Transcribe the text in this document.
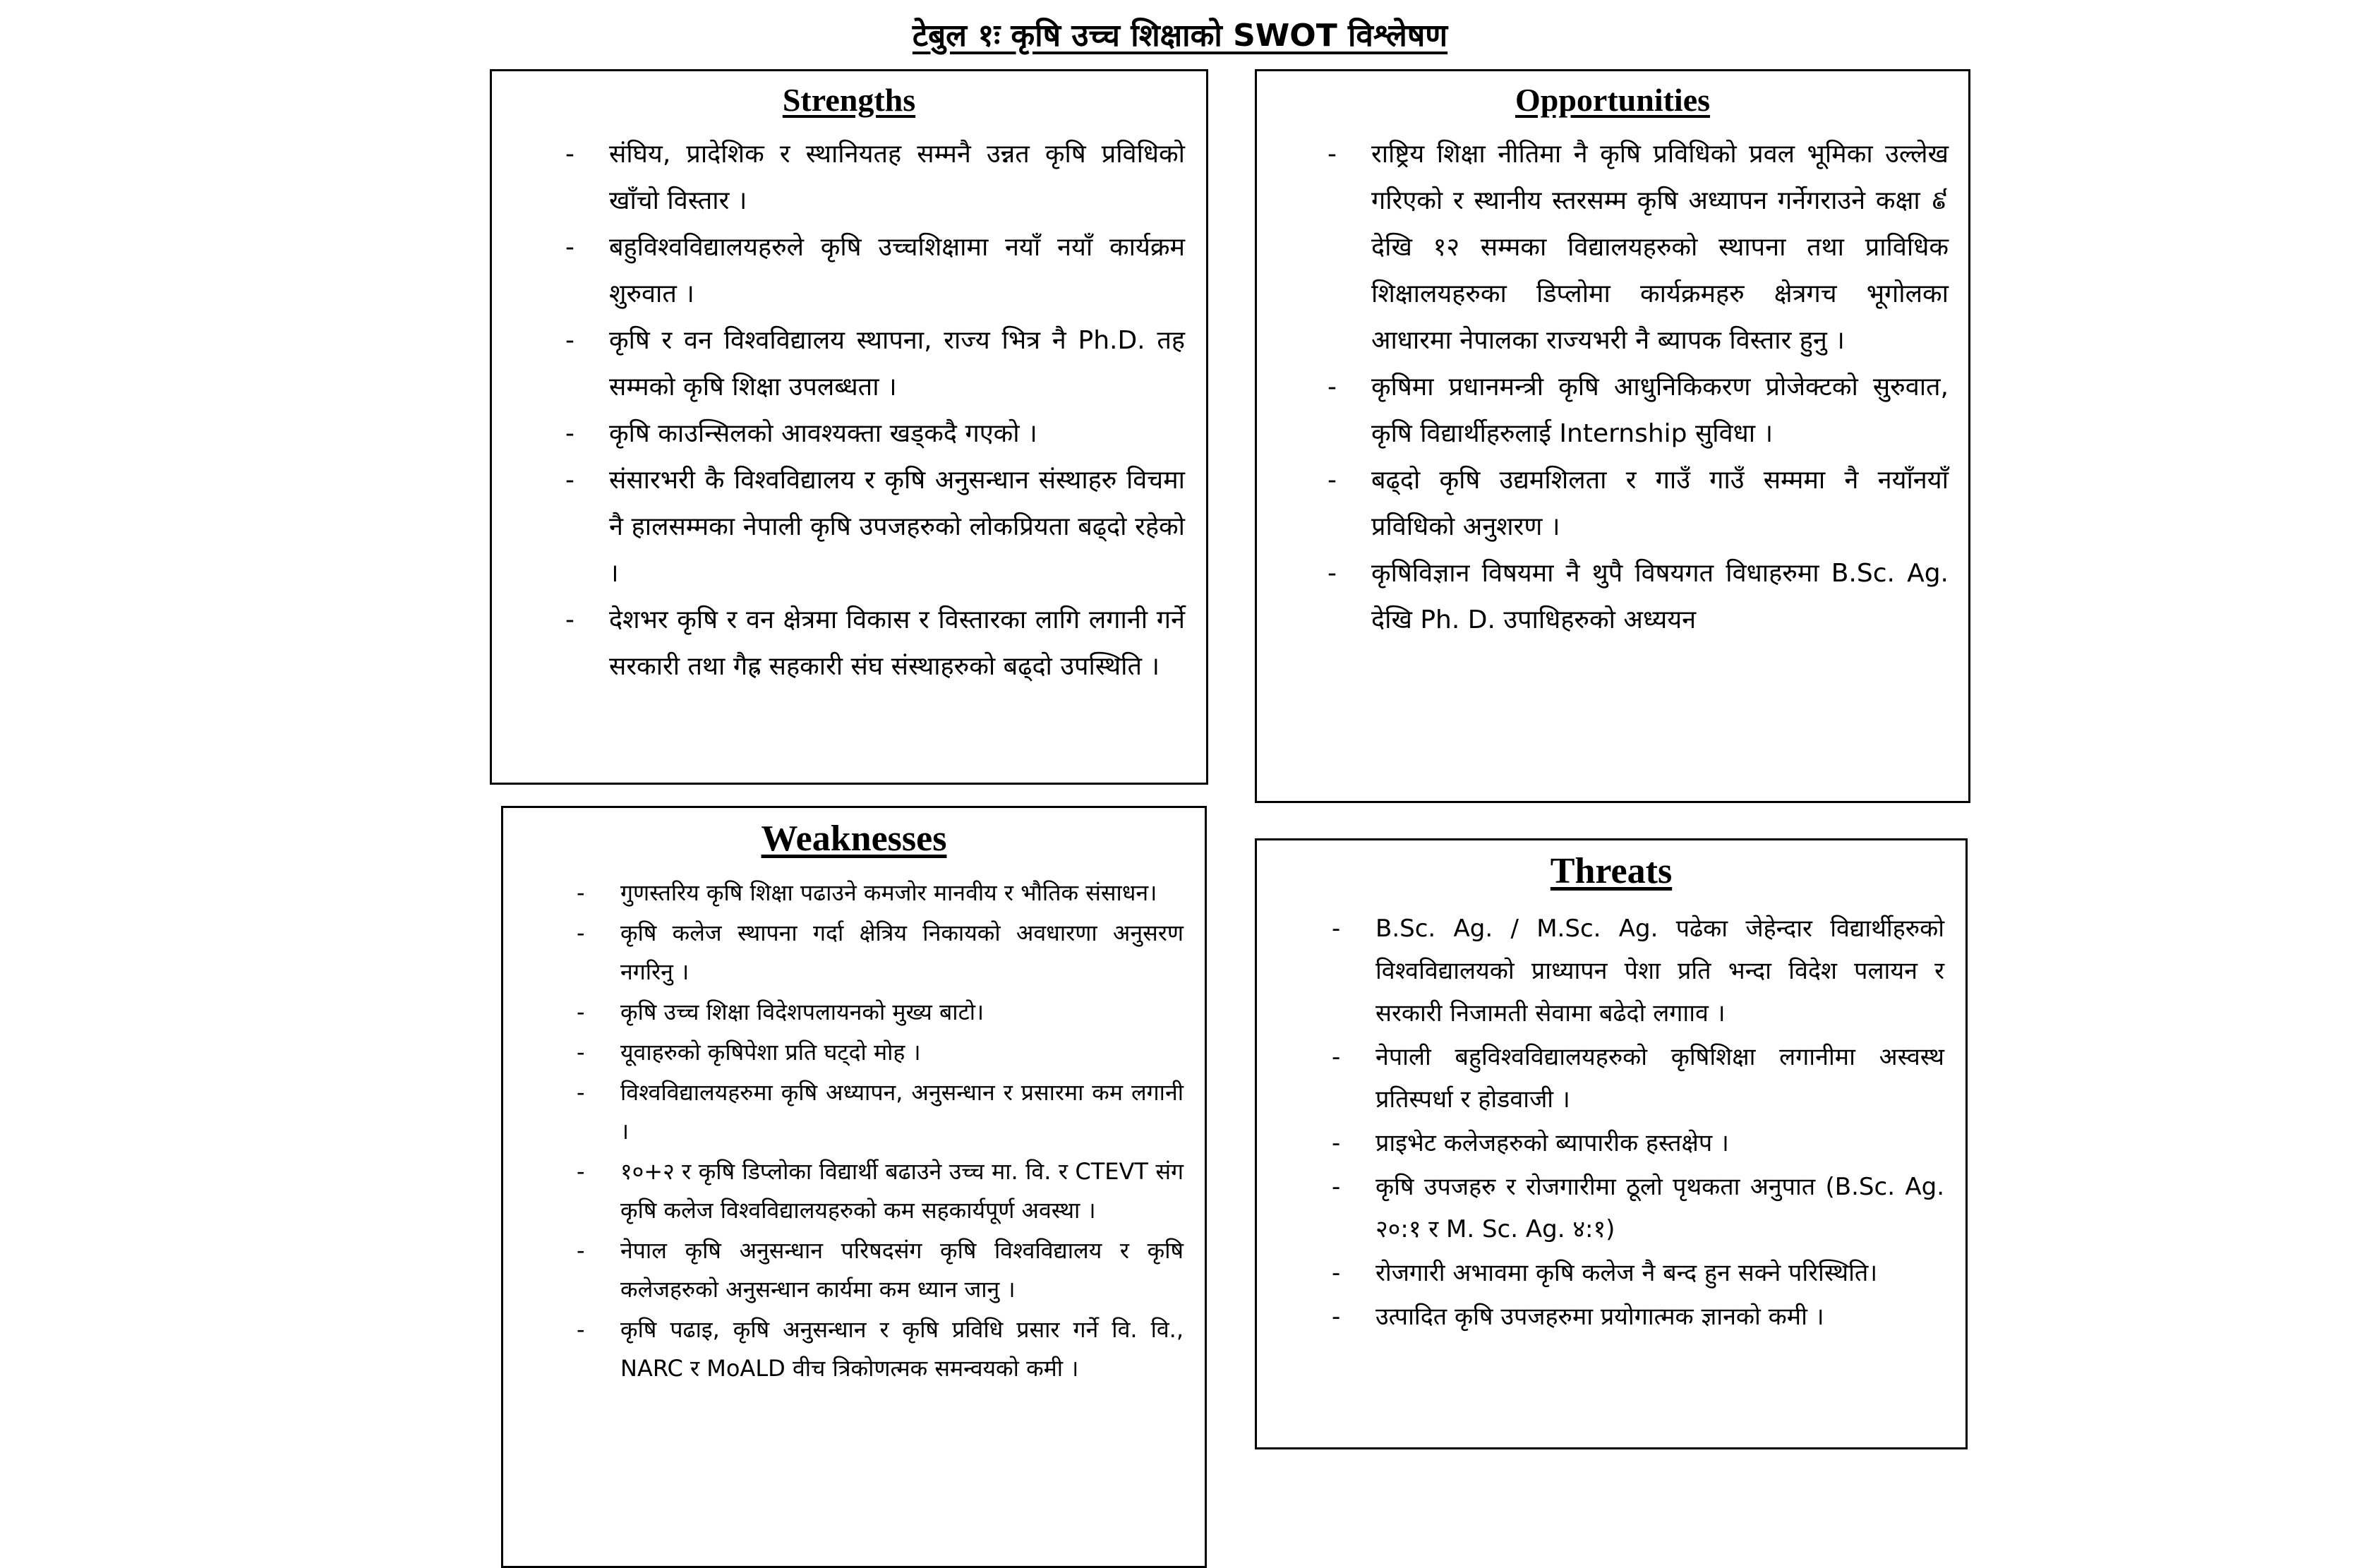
टेबुल १ः कृषि उच्च शिक्षाको SWOT विश्लेषण
Strengths
- संघिय, प्रादेशिक र स्थानियतह सम्मनै उन्नत कृषि प्रविधिको खाँचो विस्तार ।
- बहुविश्वविद्यालयहरुले कृषि उच्चशिक्षामा नयाँ नयाँ कार्यक्रम शुरुवात ।
- कृषि र वन विश्वविद्यालय स्थापना, राज्य भित्र नै Ph.D. तह सम्मको कृषि शिक्षा उपलब्धता ।
- कृषि काउन्सिलको आवश्यक्ता खड्कदै गएको ।
- संसारभरी कै विश्वविद्यालय र कृषि अनुसन्धान संस्थाहरु विचमा नै हालसम्मका नेपाली कृषि उपजहरुको लोकप्रियता बढ्दो रहेको ।
- देशभर कृषि र वन क्षेत्रमा विकास र विस्तारका लागि लगानी गर्ने सरकारी तथा गैह्र सहकारी संघ संस्थाहरुको बढ्दो उपस्थिति ।
Opportunities
- राष्ट्रिय शिक्षा नीतिमा नै कृषि प्रविधिको प्रवल भूमिका उल्लेख गरिएको र स्थानीय स्तरसम्म कृषि अध्यापन गर्नेगराउने कक्षा ៩ देखि १२ सम्मका विद्यालयहरुको स्थापना तथा प्राविधिक शिक्षालयहरुका डिप्लोमा कार्यक्रमहरु क्षेत्रगच भूगोलका आधारमा नेपालका राज्यभरी नै ब्यापक विस्तार हुनु ।
- कृषिमा प्रधानमन्त्री कृषि आधुनिकिकरण प्रोजेक्टको सुरुवात, कृषि विद्यार्थीहरुलाई Internship सुविधा ।
- बढ्दो कृषि उद्यमशिलता र गाउँ गाउँ सम्ममा नै नयाँनयाँ प्रविधिको अनुशरण ।
- कृषिविज्ञान विषयमा नै थुपै विषयगत विधाहरुमा B.Sc. Ag. देखि Ph. D. उपाधिहरुको अध्ययन
Weaknesses
- गुणस्तरिय कृषि शिक्षा पढाउने कमजोर मानवीय र भौतिक संसाधन।
- कृषि कलेज स्थापना गर्दा क्षेत्रिय निकायको अवधारणा अनुसरण नगरिनु ।
- कृषि उच्च शिक्षा विदेशपलायनको मुख्य बाटो।
- यूवाहरुको कृषिपेशा प्रति घट्दो मोह ।
- विश्वविद्यालयहरुमा कृषि अध्यापन, अनुसन्धान र प्रसारमा कम लगानी ।
- १०+२ र कृषि डिप्लोका विद्यार्थी बढाउने उच्च मा. वि. र CTEVT संग कृषि कलेज विश्वविद्यालयहरुको कम सहकार्यपूर्ण अवस्था ।
- नेपाल कृषि अनुसन्धान परिषदसंग कृषि विश्वविद्यालय र कृषि कलेजहरुको अनुसन्धान कार्यमा कम ध्यान जानु ।
- कृषि पढाइ, कृषि अनुसन्धान र कृषि प्रविधि प्रसार गर्ने वि. वि., NARC र MoALD वीच त्रिकोणत्मक समन्वयको कमी ।
Threats
- B.Sc. Ag. / M.Sc. Ag. पढेका जेहेन्दार विद्यार्थीहरुको विश्वविद्यालयको प्राध्यापन पेशा प्रति भन्दा विदेश पलायन र सरकारी निजामती सेवामा बढेदो लगााव ।
- नेपाली बहुविश्वविद्यालयहरुको कृषिशिक्षा लगानीमा अस्वस्थ प्रतिस्पर्धा र होडवाजी ।
- प्राइभेट कलेजहरुको ब्यापारीक हस्तक्षेप ।
- कृषि उपजहरु र रोजगारीमा ठूलो पृथकता अनुपात (B.Sc. Ag. २०:१ र M. Sc. Ag. ४:१)
- रोजगारी अभावमा कृषि कलेज नै बन्द हुन सक्ने परिस्थिति।
- उत्पादित कृषि उपजहरुमा प्रयोगात्मक ज्ञानको कमी ।
